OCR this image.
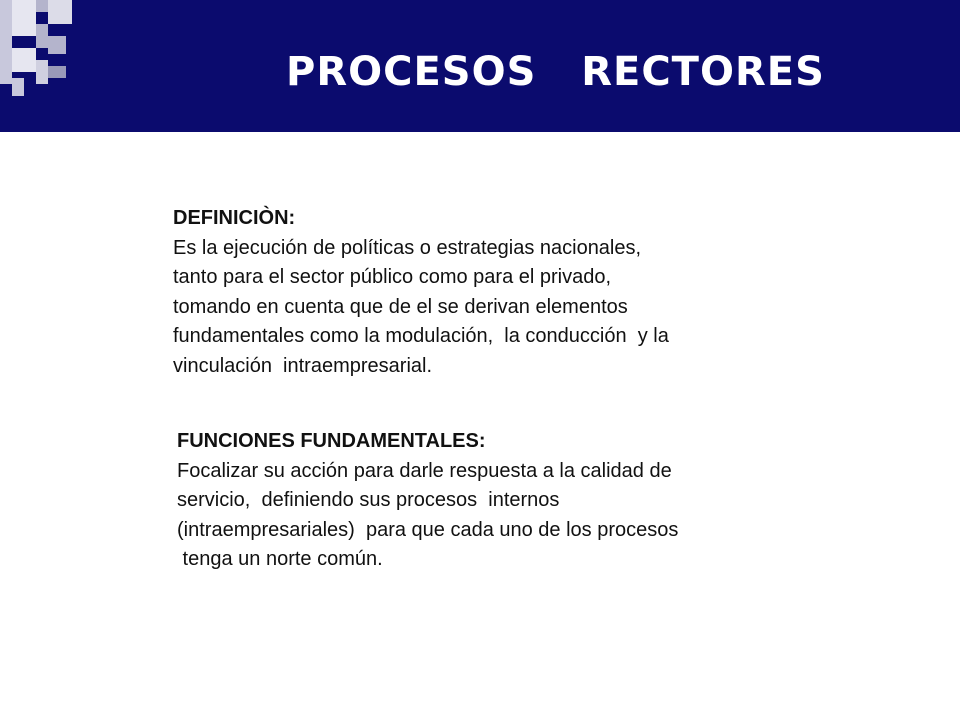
PROCESOS   RECTORES
DEFINICIÒN:
Es la ejecución de políticas o estrategias nacionales,
tanto para el sector público como para el privado,
tomando en cuenta que de el se derivan elementos
fundamentales como la modulación,  la conducción  y la
vinculación  intraempresarial.
FUNCIONES FUNDAMENTALES:
Focalizar su acción para darle respuesta a la calidad de
servicio,  definiendo sus procesos  internos
(intraempresariales)  para que cada uno de los procesos
tenga un norte común.
